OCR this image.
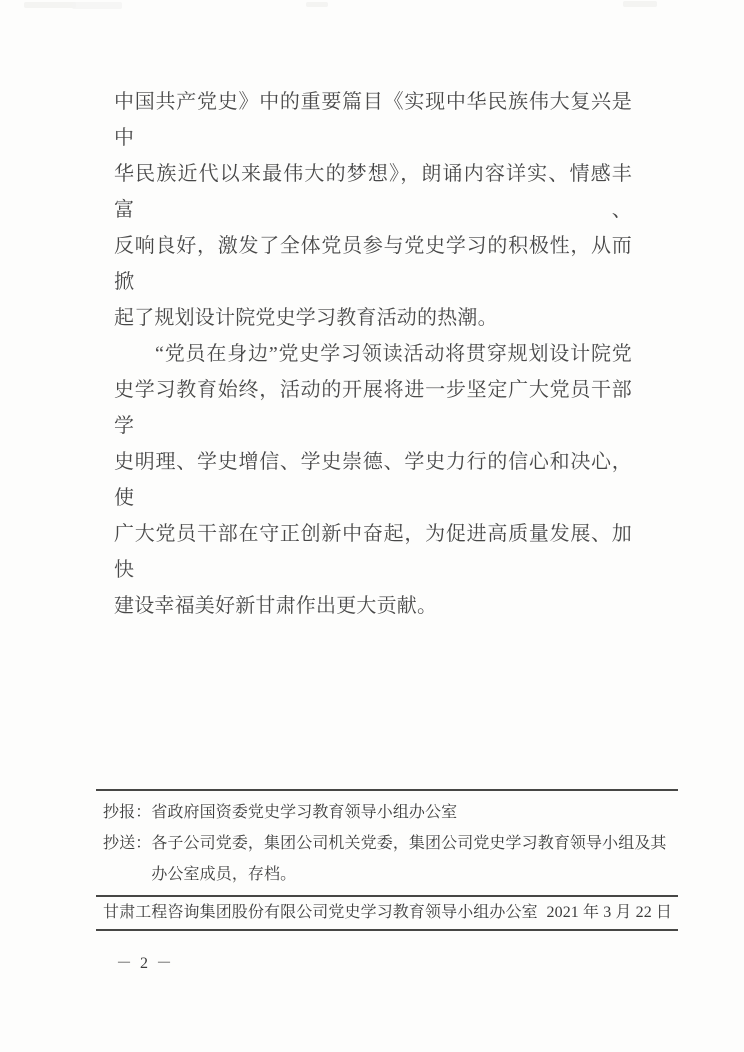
中国共产党史》中的重要篇目《实现中华民族伟大复兴是中
华民族近代以来最伟大的梦想》，朗诵内容详实、情感丰富、
反响良好，激发了全体党员参与党史学习的积极性，从而掀
起了规划设计院党史学习教育活动的热潮。
“党员在身边”党史学习领读活动将贯穿规划设计院党
史学习教育始终，活动的开展将进一步坚定广大党员干部学
史明理、学史增信、学史崇德、学史力行的信心和决心，使
广大党员干部在守正创新中奋起，为促进高质量发展、加快
建设幸福美好新甘肃作出更大贡献。
抄报： 省政府国资委党史学习教育领导小组办公室
抄送： 各子公司党委，集团公司机关党委，集团公司党史学习教育领导小组及其
办公室成员，存档。
甘肃工程咨询集团股份有限公司党史学习教育领导小组办公室 2021 年 3 月 22 日
－ 2 －
